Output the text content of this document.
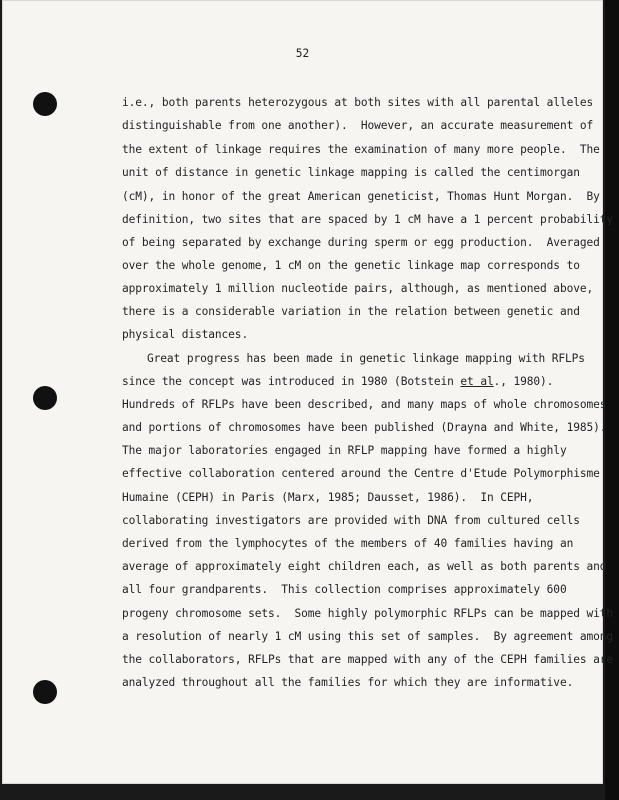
52
i.e., both parents heterozygous at both sites with all parental alleles
distinguishable from one another).  However, an accurate measurement of
the extent of linkage requires the examination of many more people.  The
unit of distance in genetic linkage mapping is called the centimorgan
(cM), in honor of the great American geneticist, Thomas Hunt Morgan.  By
definition, two sites that are spaced by 1 cM have a 1 percent probability
of being separated by exchange during sperm or egg production.  Averaged
over the whole genome, 1 cM on the genetic linkage map corresponds to
approximately 1 million nucleotide pairs, although, as mentioned above,
there is a considerable variation in the relation between genetic and
physical distances.
Great progress has been made in genetic linkage mapping with RFLPs
since the concept was introduced in 1980 (Botstein et al., 1980).
Hundreds of RFLPs have been described, and many maps of whole chromosomes
and portions of chromosomes have been published (Drayna and White, 1985).
The major laboratories engaged in RFLP mapping have formed a highly
effective collaboration centered around the Centre d'Etude Polymorphisme
Humaine (CEPH) in Paris (Marx, 1985; Dausset, 1986).  In CEPH,
collaborating investigators are provided with DNA from cultured cells
derived from the lymphocytes of the members of 40 families having an
average of approximately eight children each, as well as both parents and
all four grandparents.  This collection comprises approximately 600
progeny chromosome sets.  Some highly polymorphic RFLPs can be mapped with
a resolution of nearly 1 cM using this set of samples.  By agreement among
the collaborators, RFLPs that are mapped with any of the CEPH families are
analyzed throughout all the families for which they are informative.
